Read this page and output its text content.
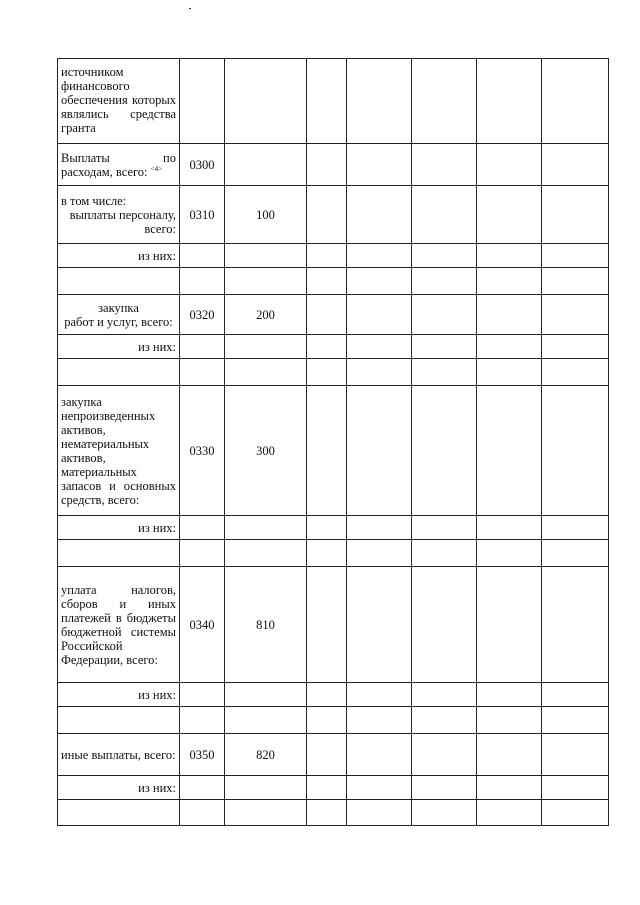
источником финансового обеспечения которых являлись средства гранта							
Выплаты по расходам, всего: $^{<4>}$	0300						

в том числе:
выплаты персоналу, всего:	0310	100					
из них:							

закупка
работ и услуг, всего:	0320	200					
из них:							

закупка непроизведенных активов, нематериальных активов, материальных запасов и основных средств, всего:	0330	300					
из них:							

уплата налогов, сборов и иных платежей в бюджеты бюджетной системы Российской Федерации, всего:	0340	810					
из них:							

иные выплаты, всего:	0350	820					
из них:							
